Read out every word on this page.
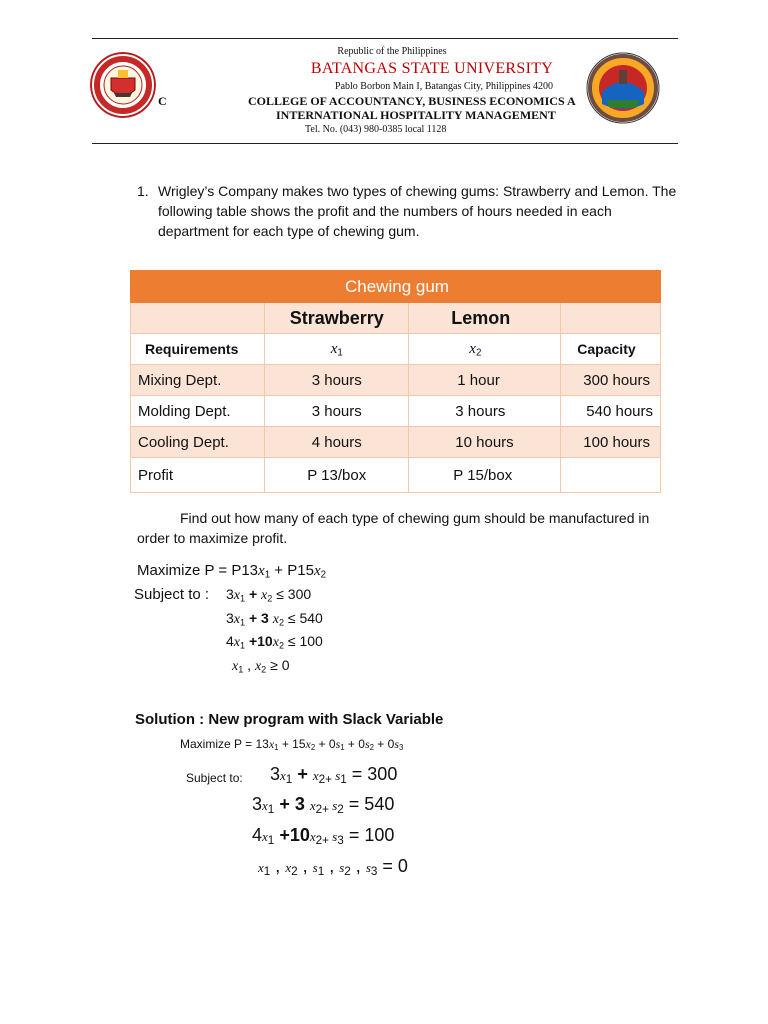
C
Republic of the Philippines
BATANGAS STATE UNIVERSITY
Pablo Borbon Main I, Batangas City, Philippines 4200
COLLEGE OF ACCOUNTANCY, BUSINESS ECONOMICS A
INTERNATIONAL HOSPITALITY MANAGEMENT
Tel. No. (043) 980-0385 local 1128
1. Wrigley’s Company makes two types of chewing gums: Strawberry and Lemon. The
following table shows the profit and the numbers of hours needed in each
department for each type of chewing gum.
Chewing gum			
	Strawberry	Lemon	
Requirements	$x_1$	$x_2$	Capacity
Mixing Dept.	3 hours	1 hour	300 hours
Molding Dept.	3 hours	3 hours	540 hours
Cooling Dept.	4 hours	10 hours	100 hours
Profit	P 13/box	P 15/box	
Find out how many of each type of chewing gum should be manufactured in
order to maximize profit.
Maximize $P = P13x_1 + P15x_2$
Subject to : $3x_1 + x_2 \le 300$
$3x_1 + 3$ $x_2 \le 540$
$4x_1 +10x_2 \le 100$
$x_1$ , $x_2 \ge 0$
Solution : New program with Slack Variable
Maximize $P = 13x_1 + 15x_2 + 0s_1 + 0s_2 + 0s_3$
Subject to: $3x_1 + x_{2+}$ $s_1 = 300$
$3x_1 + 3$ $x_{2+}$ $s_2 = 540$
$4x_1 +10x_{2+}$ $s_3 = 100$
$x_1$ , $x_2$ , $s_1$ , $s_2$ , $s_3 = 0$
